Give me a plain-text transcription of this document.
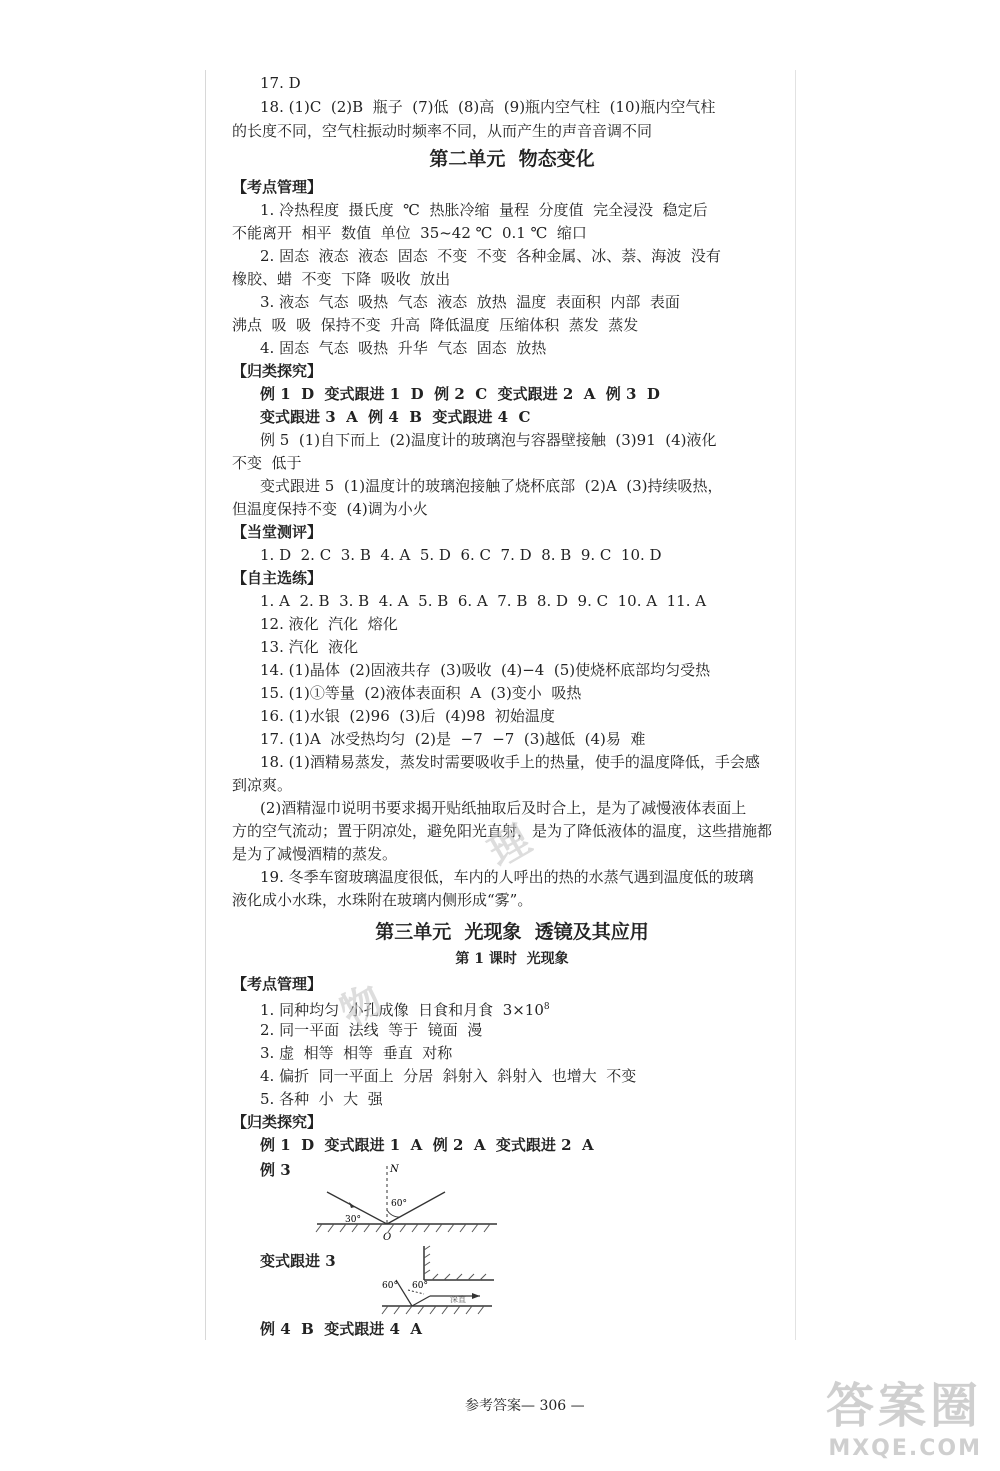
17. D
18. (1)C  (2)B  瓶子  (7)低  (8)高  (9)瓶内空气柱  (10)瓶内空气柱
的长度不同，空气柱振动时频率不同，从而产生的声音音调不同
第二单元  物态变化
【考点管理】
1. 冷热程度  摄氏度  ℃  热胀冷缩  量程  分度值  完全浸没  稳定后
不能离开  相平  数值  单位  35~42 ℃  0.1 ℃  缩口
2. 固态  液态  液态  固态  不变  不变  各种金属、冰、萘、海波  没有
橡胶、蜡  不变  下降  吸收  放出
3. 液态  气态  吸热  气态  液态  放热  温度  表面积  内部  表面
沸点  吸  吸  保持不变  升高  降低温度  压缩体积  蒸发  蒸发
4. 固态  气态  吸热  升华  气态  固态  放热
【归类探究】
例 1  D  变式跟进 1  D  例 2  C  变式跟进 2  A  例 3  D
变式跟进 3  A  例 4  B  变式跟进 4  C
例 5  (1)自下而上  (2)温度计的玻璃泡与容器壁接触  (3)91  (4)液化
不变  低于
变式跟进 5  (1)温度计的玻璃泡接触了烧杯底部  (2)A  (3)持续吸热，
但温度保持不变  (4)调为小火
【当堂测评】
1. D  2. C  3. B  4. A  5. D  6. C  7. D  8. B  9. C  10. D
【自主选练】
1. A  2. B  3. B  4. A  5. B  6. A  7. B  8. D  9. C  10. A  11. A
12. 液化  汽化  熔化
13. 汽化  液化
14. (1)晶体  (2)固液共存  (3)吸收  (4)−4  (5)使烧杯底部均匀受热
15. (1)①等量  (2)液体表面积  A  (3)变小  吸热
16. (1)水银  (2)96  (3)后  (4)98  初始温度
17. (1)A  冰受热均匀  (2)是  −7  −7  (3)越低  (4)易  难
18. (1)酒精易蒸发，蒸发时需要吸收手上的热量，使手的温度降低，手会感
到凉爽。
(2)酒精湿巾说明书要求揭开贴纸抽取后及时合上，是为了减慢液体表面上
方的空气流动；置于阴凉处，避免阳光直射，是为了降低液体的温度，这些措施都
是为了减慢酒精的蒸发。
19. 冬季车窗玻璃温度很低，车内的人呼出的热的水蒸气遇到温度低的玻璃
液化成小水珠，水珠附在玻璃内侧形成“雾”。
第三单元  光现象  透镜及其应用
第 1 课时  光现象
【考点管理】
1. 同种均匀  小孔成像  日食和月食  $3\times 10^8$
2. 同一平面  法线  等于  镜面  漫
3. 虚  相等  相等  垂直  对称
4. 偏折  同一平面上  分居  斜射入  斜射入  也增大  不变
5. 各种  小  大  强
【归类探究】
例 1  D  变式跟进 1  A  例 2  A  变式跟进 2  A
例 3	N
60°
30°
O
变式跟进 3
60° 60°
深直
例 4  B  变式跟进 4  A
物
理
参考答案— 306 —	答案圈
MXQE.COM
